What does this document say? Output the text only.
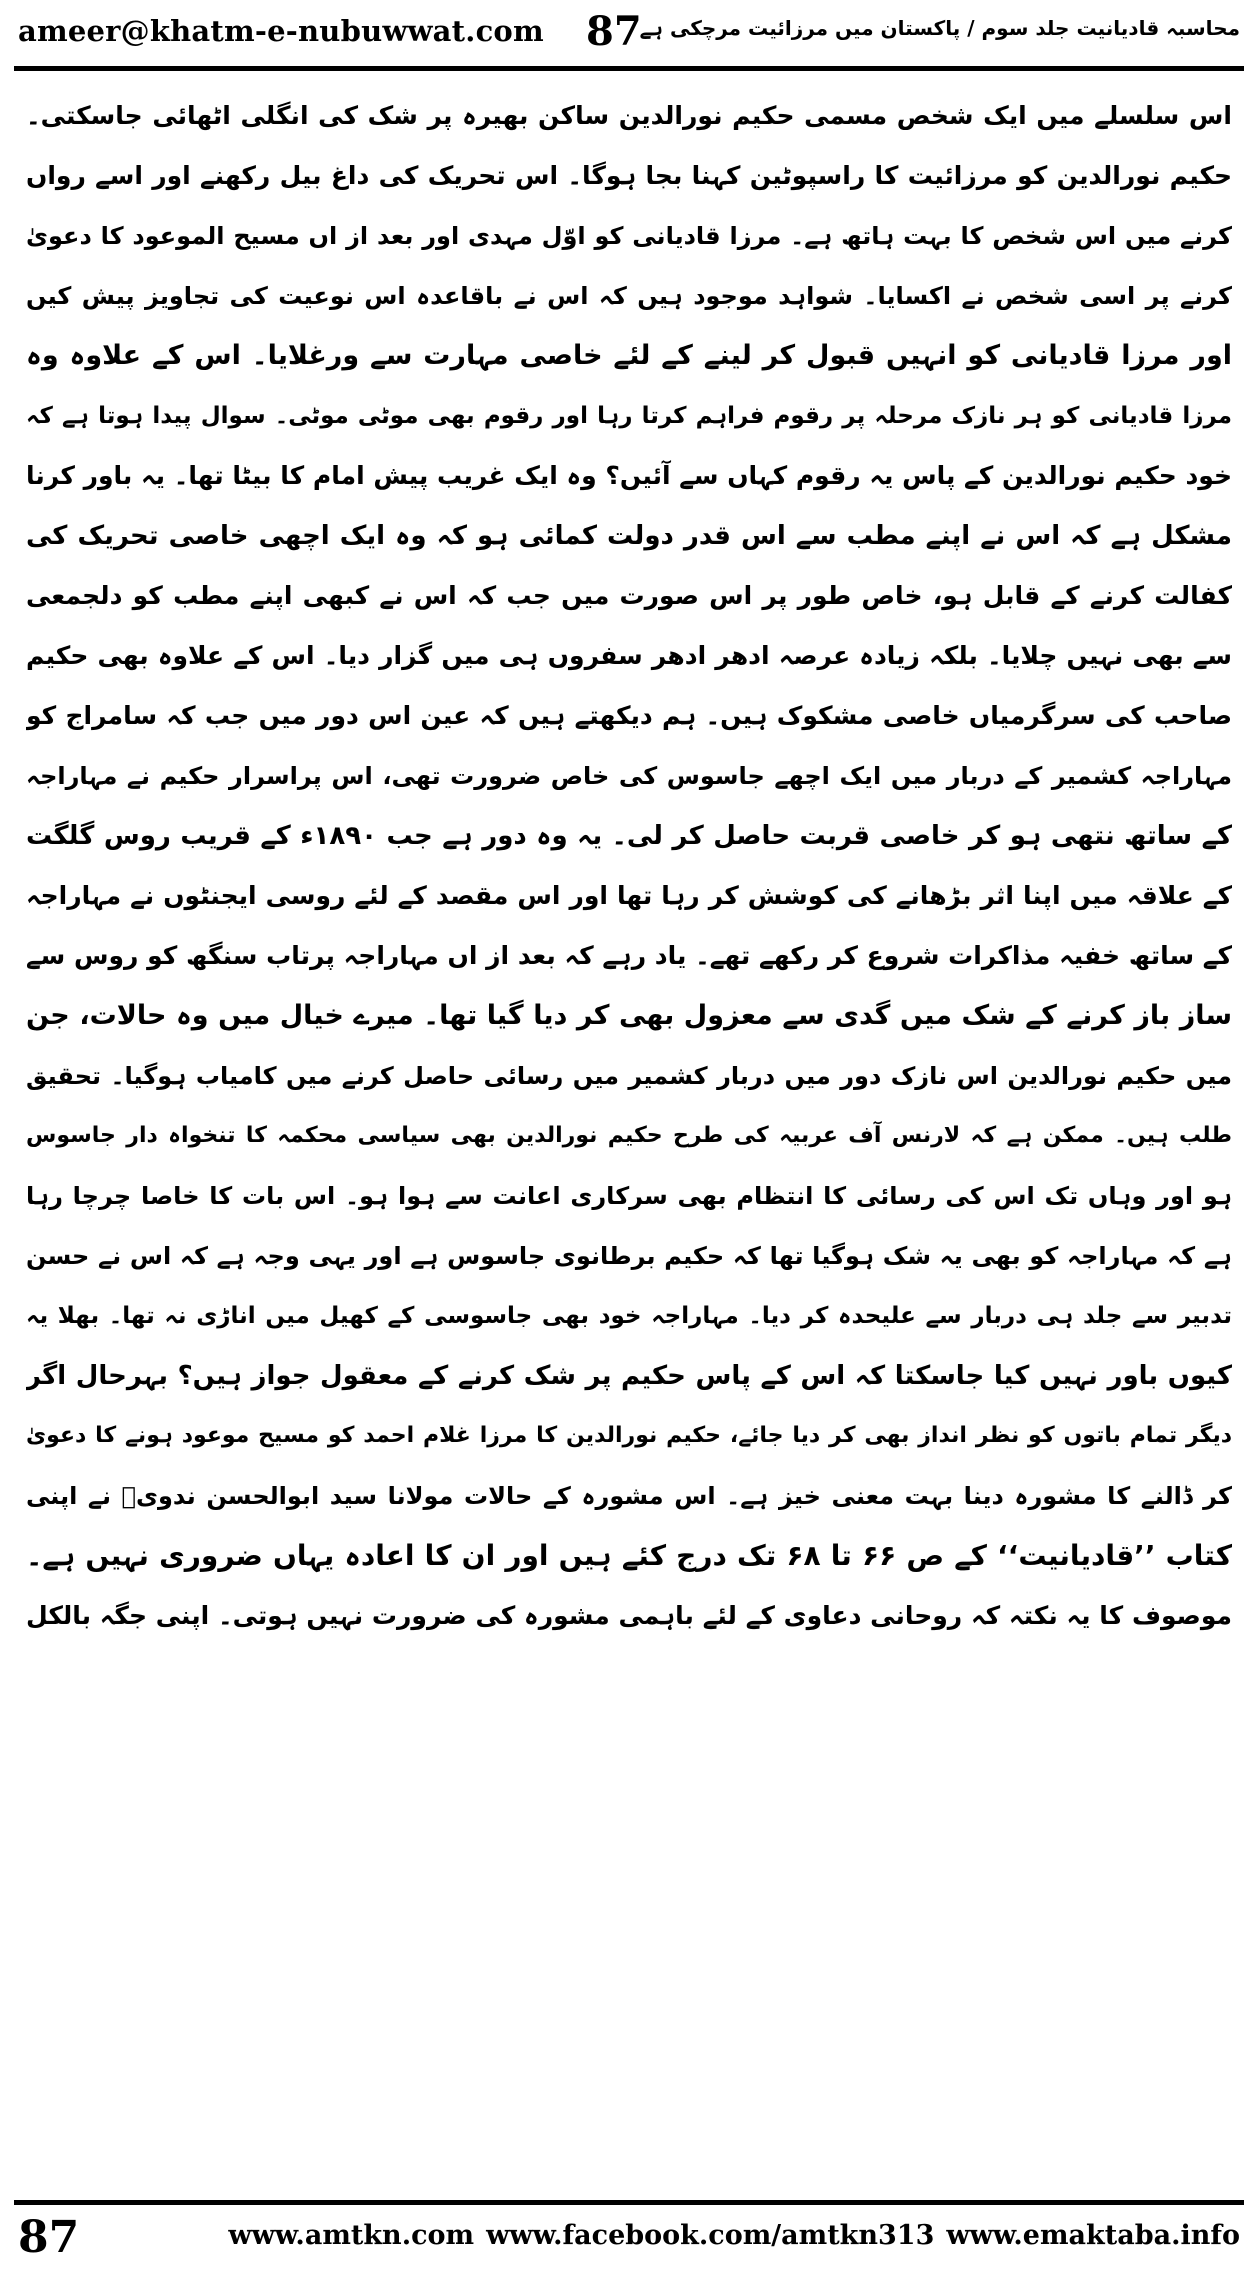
ameer@khatm-e-nubuwwat.com 87
محاسبہ قادیانیت جلد سوم / پاکستان میں مرزائیت مرچکی ہے
اس سلسلے میں ایک شخص مسمی حکیم نورالدین ساکن بھیرہ پر شک کی انگلی اٹھائی جاسکتی۔
حکیم نورالدین کو مرزائیت کا راسپوٹین کہنا بجا ہوگا۔ اس تحریک کی داغ بیل رکھنے اور اسے رواں
کرنے میں اس شخص کا بہت ہاتھ ہے۔ مرزا قادیانی کو اوّل مہدی اور بعد از اں مسیح الموعود کا دعویٰ
کرنے پر اسی شخص نے اکسایا۔ شواہد موجود ہیں کہ اس نے باقاعدہ اس نوعیت کی تجاویز پیش کیں
اور مرزا قادیانی کو انہیں قبول کر لینے کے لئے خاصی مہارت سے ورغلایا۔ اس کے علاوہ وہ
مرزا قادیانی کو ہر نازک مرحلہ پر رقوم فراہم کرتا رہا اور رقوم بھی موٹی موٹی۔ سوال پیدا ہوتا ہے کہ
خود حکیم نورالدین کے پاس یہ رقوم کہاں سے آئیں؟ وہ ایک غریب پیش امام کا بیٹا تھا۔ یہ باور کرنا
مشکل ہے کہ اس نے اپنے مطب سے اس قدر دولت کمائی ہو کہ وہ ایک اچھی خاصی تحریک کی
کفالت کرنے کے قابل ہو، خاص طور پر اس صورت میں جب کہ اس نے کبھی اپنے مطب کو دلجمعی
سے بھی نہیں چلایا۔ بلکہ زیادہ عرصہ ادھر ادھر سفروں ہی میں گزار دیا۔ اس کے علاوہ بھی حکیم
صاحب کی سرگرمیاں خاصی مشکوک ہیں۔ ہم دیکھتے ہیں کہ عین اس دور میں جب کہ سامراج کو
مہاراجہ کشمیر کے دربار میں ایک اچھے جاسوس کی خاص ضرورت تھی، اس پراسرار حکیم نے مہاراجہ
کے ساتھ نتھی ہو کر خاصی قربت حاصل کر لی۔ یہ وہ دور ہے جب ۱۸۹۰ء کے قریب روس گلگت
کے علاقہ میں اپنا اثر بڑھانے کی کوشش کر رہا تھا اور اس مقصد کے لئے روسی ایجنٹوں نے مہاراجہ
کے ساتھ خفیہ مذاکرات شروع کر رکھے تھے۔ یاد رہے کہ بعد از اں مہاراجہ پرتاب سنگھ کو روس سے
ساز باز کرنے کے شک میں گدی سے معزول بھی کر دیا گیا تھا۔ میرے خیال میں وہ حالات، جن
میں حکیم نورالدین اس نازک دور میں دربار کشمیر میں رسائی حاصل کرنے میں کامیاب ہوگیا۔ تحقیق
طلب ہیں۔ ممکن ہے کہ لارنس آف عربیہ کی طرح حکیم نورالدین بھی سیاسی محکمہ کا تنخواہ دار جاسوس
ہو اور وہاں تک اس کی رسائی کا انتظام بھی سرکاری اعانت سے ہوا ہو۔ اس بات کا خاصا چرچا رہا
ہے کہ مہاراجہ کو بھی یہ شک ہوگیا تھا کہ حکیم برطانوی جاسوس ہے اور یہی وجہ ہے کہ اس نے حسن
تدبیر سے جلد ہی دربار سے علیحدہ کر دیا۔ مہاراجہ خود بھی جاسوسی کے کھیل میں اناڑی نہ تھا۔ بھلا یہ
کیوں باور نہیں کیا جاسکتا کہ اس کے پاس حکیم پر شک کرنے کے معقول جواز ہیں؟ بہرحال اگر
دیگر تمام باتوں کو نظر انداز بھی کر دیا جائے، حکیم نورالدین کا مرزا غلام احمد کو مسیح موعود ہونے کا دعویٰ
کر ڈالنے کا مشورہ دینا بہت معنی خیز ہے۔ اس مشورہ کے حالات مولانا سید ابوالحسن ندویؒ نے اپنی
کتاب ’’قادیانیت‘‘ کے ص ۶۶ تا ۶۸ تک درج کئے ہیں اور ان کا اعادہ یہاں ضروری نہیں ہے۔
موصوف کا یہ نکتہ کہ روحانی دعاوی کے لئے باہمی مشورہ کی ضرورت نہیں ہوتی۔ اپنی جگہ بالکل
87	www.amtkn.com www.facebook.com/amtkn313 www.emaktaba.info
